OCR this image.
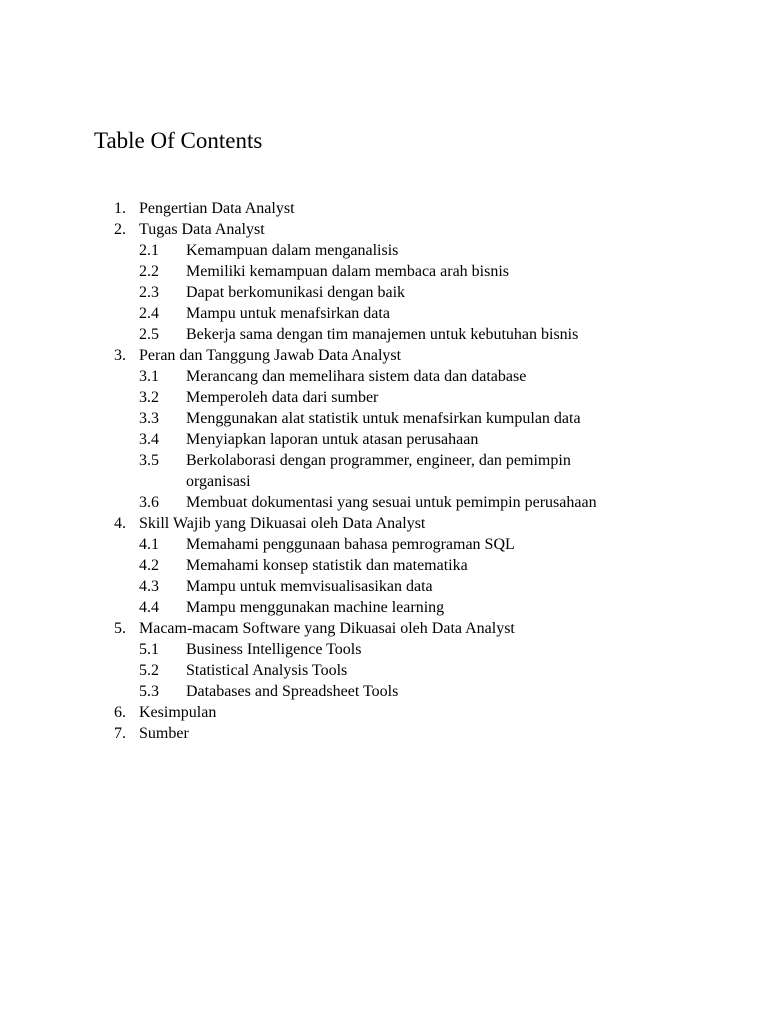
Table Of Contents
1. Pengertian Data Analyst
2. Tugas Data Analyst
2.1 Kemampuan dalam menganalisis
2.2 Memiliki kemampuan dalam membaca arah bisnis
2.3 Dapat berkomunikasi dengan baik
2.4 Mampu untuk menafsirkan data
2.5 Bekerja sama dengan tim manajemen untuk kebutuhan bisnis
3. Peran dan Tanggung Jawab Data Analyst
3.1 Merancang dan memelihara sistem data dan database
3.2 Memperoleh data dari sumber
3.3 Menggunakan alat statistik untuk menafsirkan kumpulan data
3.4 Menyiapkan laporan untuk atasan perusahaan
3.5 Berkolaborasi dengan programmer, engineer, dan pemimpin
organisasi
3.6 Membuat dokumentasi yang sesuai untuk pemimpin perusahaan
4. Skill Wajib yang Dikuasai oleh Data Analyst
4.1 Memahami penggunaan bahasa pemrograman SQL
4.2 Memahami konsep statistik dan matematika
4.3 Mampu untuk memvisualisasikan data
4.4 Mampu menggunakan machine learning
5. Macam-macam Software yang Dikuasai oleh Data Analyst
5.1 Business Intelligence Tools
5.2 Statistical Analysis Tools
5.3 Databases and Spreadsheet Tools
6. Kesimpulan
7. Sumber
